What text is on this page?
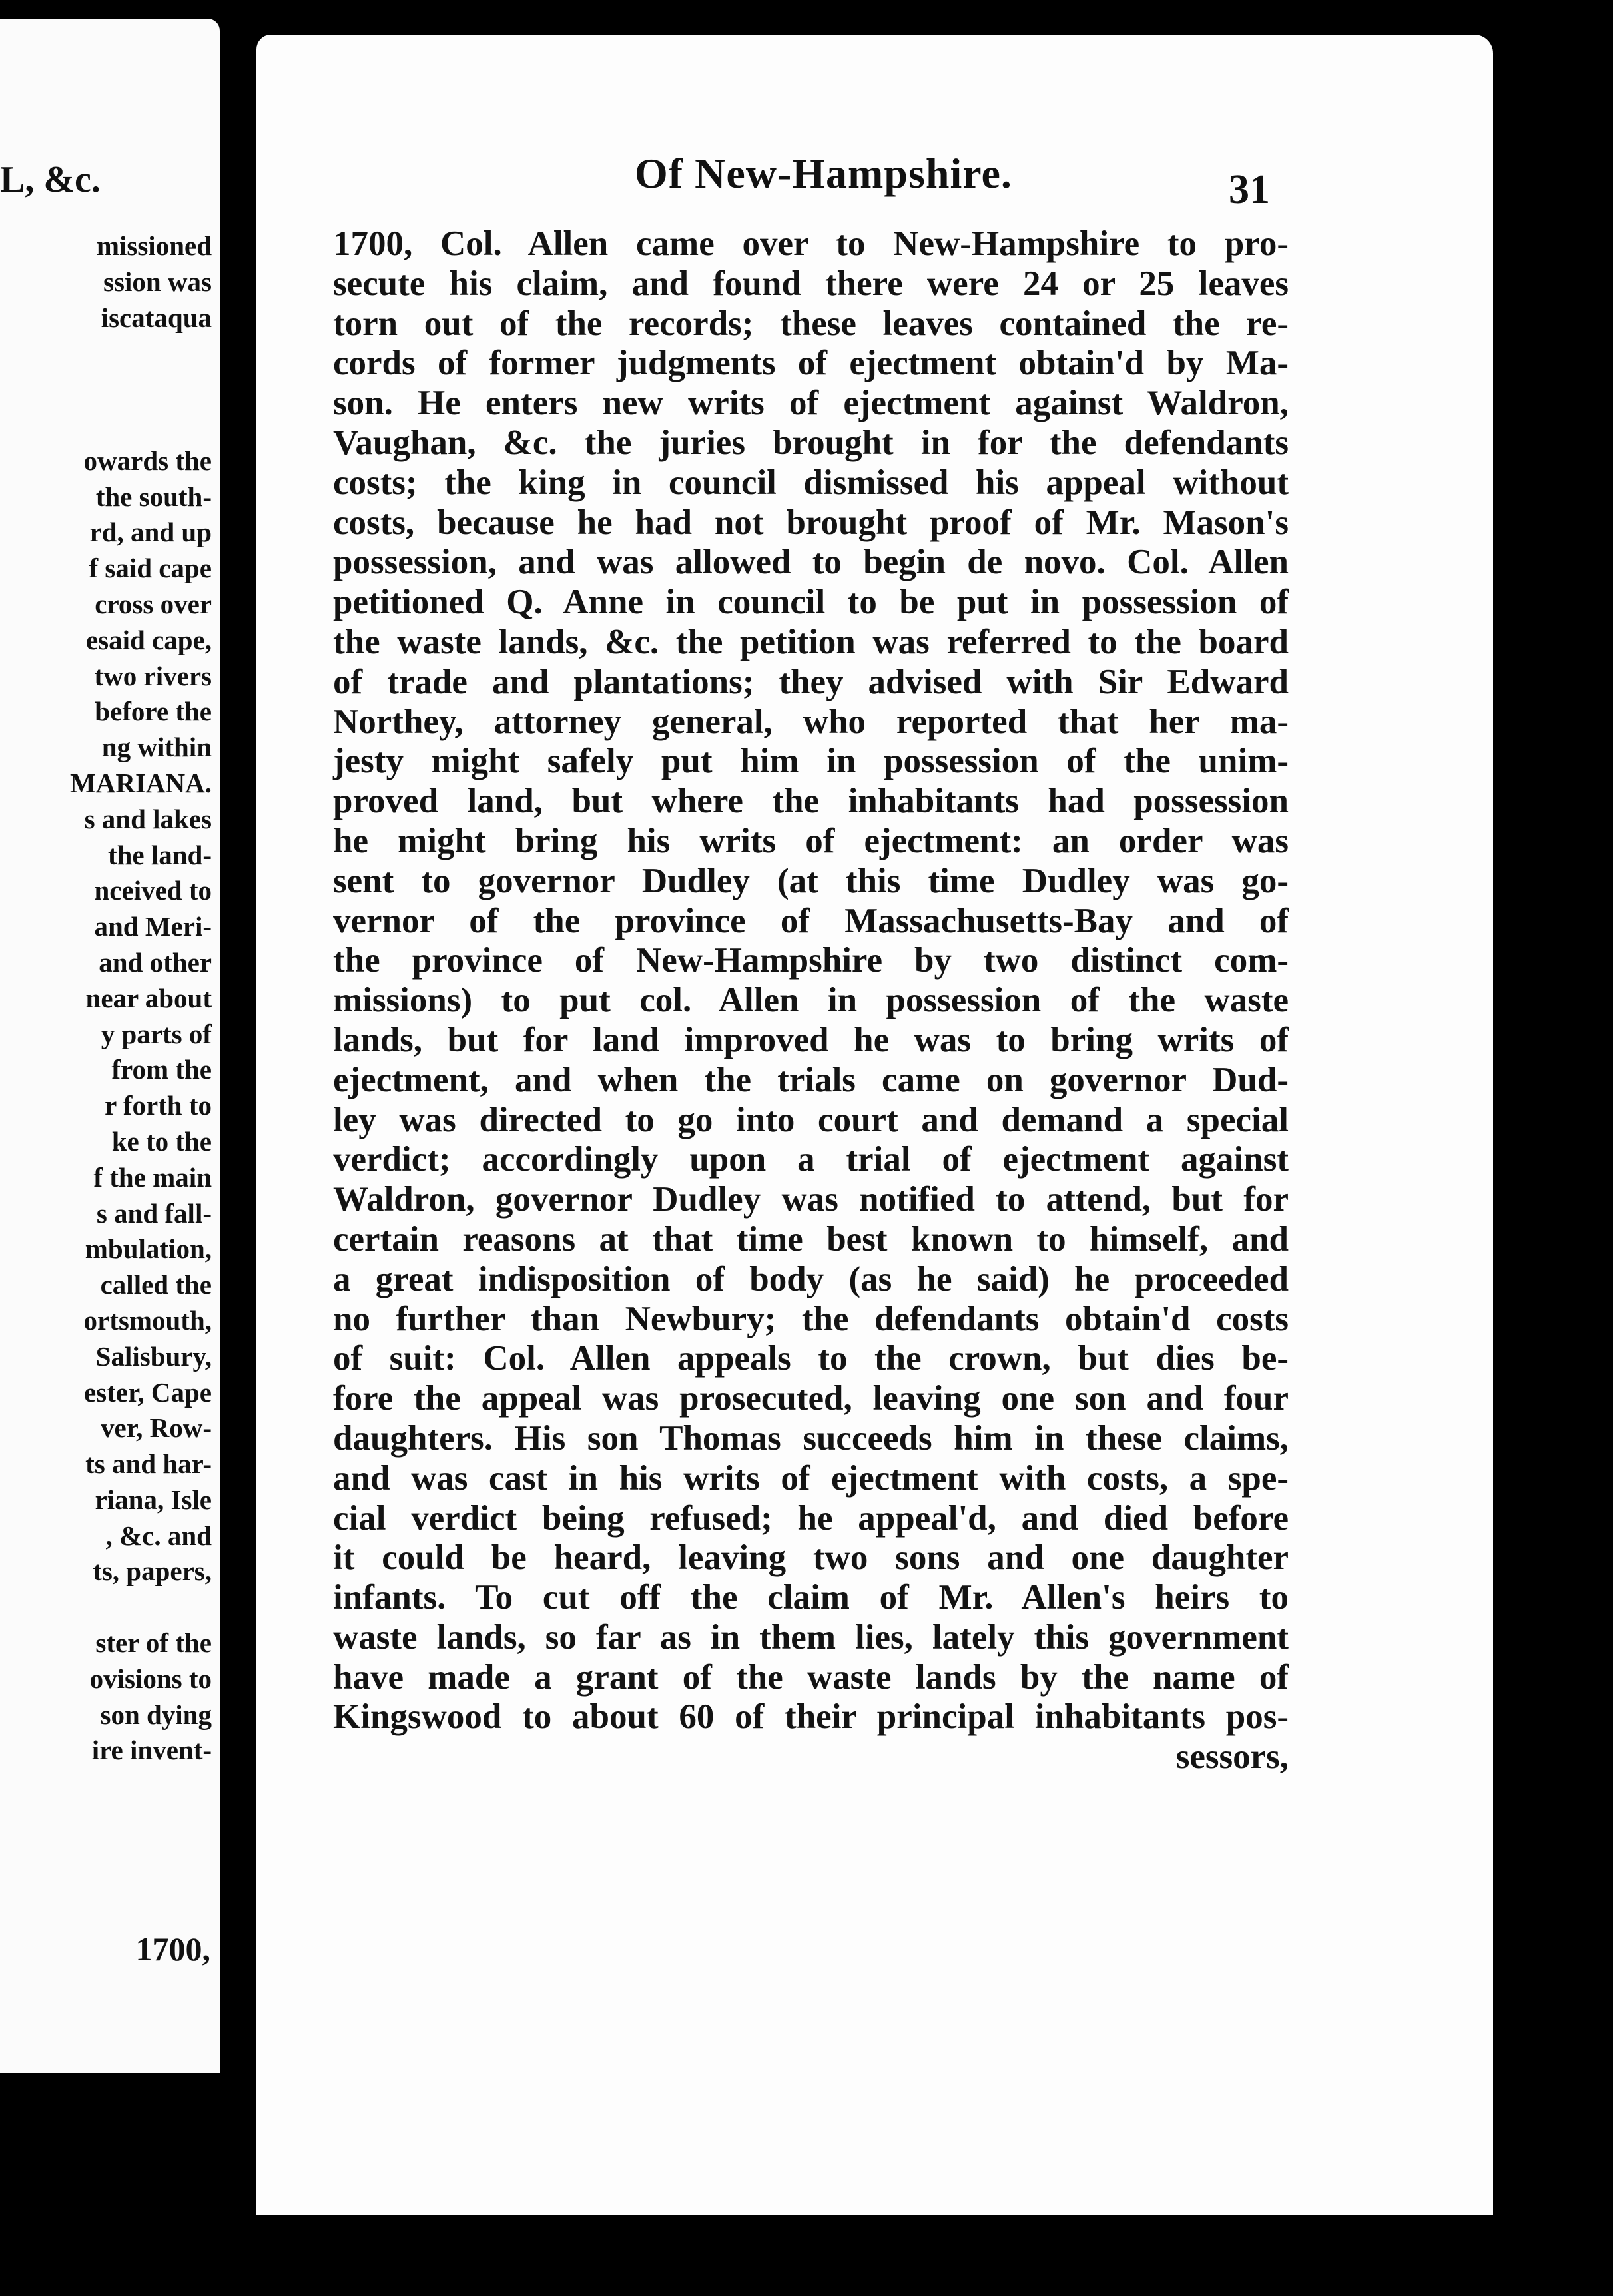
L, &c.
missioned
ssion was
iscataqua
owards the
the south-
rd, and up
f said cape
cross over
esaid cape,
two rivers
before the
ng within
MARIANA.
s and lakes
the land-
nceived to
and Meri-
and other
near about
y parts of
from the
r forth to
ke to the
f the main
s and fall-
mbulation,
called the
ortsmouth,
Salisbury,
ester, Cape
ver, Row-
ts and har-
riana, Isle
, &c. and
ts, papers,
ster of the
ovisions to
son dying
ire invent-
1700,
Of New-Hampshire.	31
1700, Col. Allen came over to New-Hampshire to pro-
secute his claim, and found there were 24 or 25 leaves
torn out of the records; these leaves contained the re-
cords of former judgments of ejectment obtain'd by Ma-
son. He enters new writs of ejectment against Waldron,
Vaughan, &c. the juries brought in for the defendants
costs; the king in council dismissed his appeal without
costs, because he had not brought proof of Mr. Mason's
possession, and was allowed to begin de novo. Col. Allen
petitioned Q. Anne in council to be put in possession of
the waste lands, &c. the petition was referred to the board
of trade and plantations; they advised with Sir Edward
Northey, attorney general, who reported that her ma-
jesty might safely put him in possession of the unim-
proved land, but where the inhabitants had possession
he might bring his writs of ejectment: an order was
sent to governor Dudley (at this time Dudley was go-
vernor of the province of Massachusetts-Bay and of
the province of New-Hampshire by two distinct com-
missions) to put col. Allen in possession of the waste
lands, but for land improved he was to bring writs of
ejectment, and when the trials came on governor Dud-
ley was directed to go into court and demand a special
verdict; accordingly upon a trial of ejectment against
Waldron, governor Dudley was notified to attend, but for
certain reasons at that time best known to himself, and
a great indisposition of body (as he said) he proceeded
no further than Newbury; the defendants obtain'd costs
of suit: Col. Allen appeals to the crown, but dies be-
fore the appeal was prosecuted, leaving one son and four
daughters. His son Thomas succeeds him in these claims,
and was cast in his writs of ejectment with costs, a spe-
cial verdict being refused; he appeal'd, and died before
it could be heard, leaving two sons and one daughter
infants. To cut off the claim of Mr. Allen's heirs to
waste lands, so far as in them lies, lately this government
have made a grant of the waste lands by the name of
Kingswood to about 60 of their principal inhabitants pos-
sessors,
